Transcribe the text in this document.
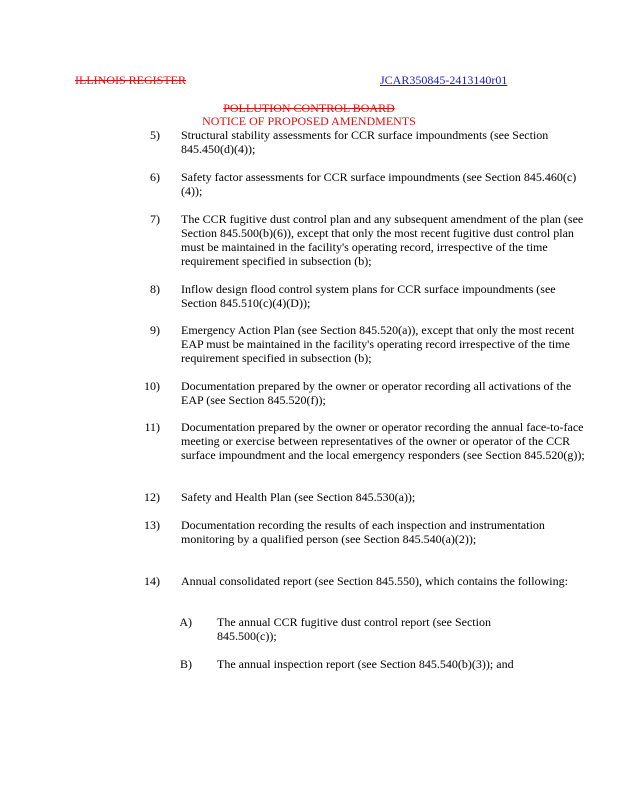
ILLINOIS REGISTER	JCAR350845-2413140r01
POLLUTION CONTROL BOARD
NOTICE OF PROPOSED AMENDMENTS
5) Structural stability assessments for CCR surface impoundments (see Section 845.450(d)(4));
6) Safety factor assessments for CCR surface impoundments (see Section 845.460(c)(4));
7) The CCR fugitive dust control plan and any subsequent amendment of the plan (see Section 845.500(b)(6)), except that only the most recent fugitive dust control plan must be maintained in the facility's operating record, irrespective of the time requirement specified in subsection (b);
8) Inflow design flood control system plans for CCR surface impoundments (see Section 845.510(c)(4)(D));
9) Emergency Action Plan (see Section 845.520(a)), except that only the most recent EAP must be maintained in the facility's operating record irrespective of the time requirement specified in subsection (b);
10) Documentation prepared by the owner or operator recording all activations of the EAP (see Section 845.520(f));
11) Documentation prepared by the owner or operator recording the annual face-to-face meeting or exercise between representatives of the owner or operator of the CCR surface impoundment and the local emergency responders (see Section 845.520(g));
12) Safety and Health Plan (see Section 845.530(a));
13) Documentation recording the results of each inspection and instrumentation monitoring by a qualified person (see Section 845.540(a)(2));
14) Annual consolidated report (see Section 845.550), which contains the following:
A) The annual CCR fugitive dust control report (see Section 845.500(c));
B) The annual inspection report (see Section 845.540(b)(3)); and
